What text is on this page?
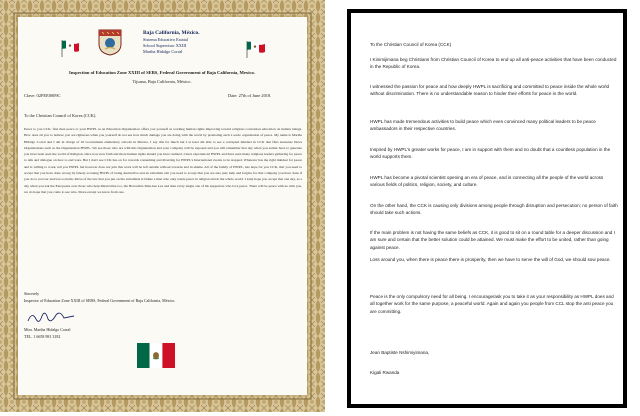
Baja California, México.
Sistema Educativo Estatal
School Supervisor XXIII
Martha Hidalgo Corral
Inspection of Education Zone XXIII of SEBS, Federal Government of Baja California, Mexico.
Tijuana, Baja California, México.
Clave: 02FEE0009C	Date: 27th of June 2018.
To the Christian Council of Korea (CCK).

Peace to you CCK, first then peace to your HWPL as an Education Organization offers you yourself as working human rights improving toward religious conversion education on human beings. How does all you to believe you are righteous when you yourself do not see how much damage you are doing with the world by promoting such a sorde organization of peace. My name is Martha Hidalgo Corral and I am in charge of 18 Government elementary schools in Mexico. I say this for much but I at least am able to see a corrupted mindset in CCK that files nonsense News Organizations such as the Organization HWPL. We see those who are with this Organization and your company will be exposed and you will remember that day when you earlier have to generate you have been seen the world of Religion, since now new faith and more human rights should you have realized. I have experienced HWPL and have seen many religious leaders gathering for peace to talk and dialogue on how to end wars. But I don't see CCK has on for towards consuming and diverting for HWPL's International events to be stopped. Whatever has the right mindset for peace and is willing to work, tell you HWPL but however does not join this work will be left outside without towards and in shame. All of the family of HWPL, has hope for you CCK, that you need to accept that you have done wrong by falsely accusing HWPL of being destructive and an extremist cult you need to accept that you are also just; help and forgive for that company you have done if you do to recover and lost so harm. Move of the law that you put on the extremists is blame a man who only wants peace in religion and in the whole world. I truly hope you accept that one day, as a day when you ask the Europeans over those who help Mexicoline too, the Honorable Man-hee Lee and men every single one of his supporters who love peace. There will be peace with us with you, we do hope that you come to see who. Share except we know from one.

Sincerely
Inspector of Education Zone XXIII of SEBS, Federal Government of Baja California, México.
Mtra. Martha Hidalgo Corral
TEL. 1 6658 981 3182
To the Christian Council of Korea (CCK)

I Kinimijimana beg Christians from Christian Council of Korea to end up all anti-peace activities that have been conducted in the Republic of Korea.

I witnessed the passion for peace and how deeply HWPL is sacrificing and committed to peace inside the whole world without discrimination. There is no understandable reason to hinder their efforts for peace in the world.

HWPL has made tremendous activities to build peace which even convinced many political leaders to be peace ambassadors in their respective countries.

Inspired by HWPL's greater works for peace, I am in support with them and no doubt that a countless population in the world supports them.

HWPL has become a pivotal scientist opening an era of peace, and is connecting all the people of the world across various fields of politics, religion, society, and culture.

On the other hand, the CCK is causing only divisions among people through disruption and persecution; no person of faith should take such actions.

If the main problem is not having the same beliefs as CCK, it is good to sit on a round table for a deeper discussion and I am sure and certain that the better solution could be attained. We must make the effort to be united, rather than going against peace.

Loss around you, when there is peace there is prosperity, then we have to serve the will of God, we should sow peace.

Peace is the only compulsory need for all being. I encourage/ask you to take it as your responsibility as HWPL does and all together work for the same purpose, a peaceful world. Again and again you people from CCL stop the anti peace you are committing.

Jean Baptiste Nshimiyimana,
Kigali Rwanda
